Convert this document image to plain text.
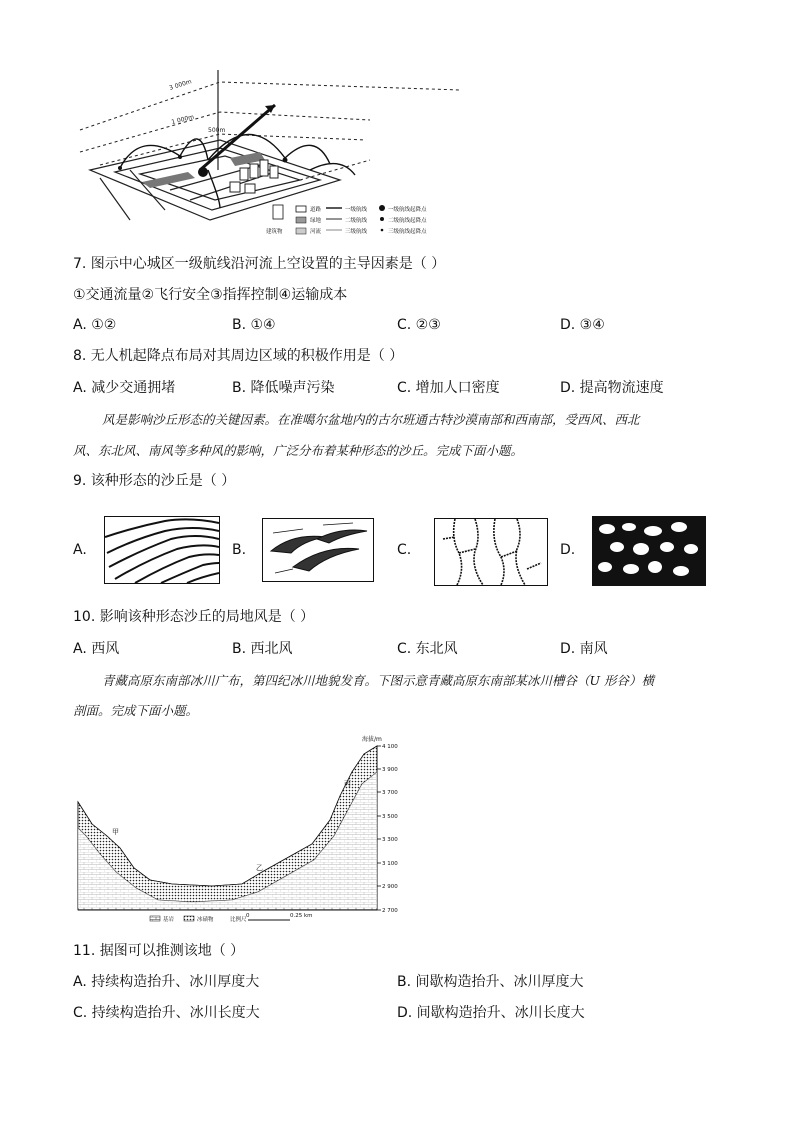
3 000m
1 000m
500m
道路
绿地
河流
建筑物
一级航线
二级航线
三级航线
一级航线起降点
二级航线起降点
三级航线起降点
7. 图示中心城区一级航线沿河流上空设置的主导因素是（ ）
①交通流量②飞行安全③指挥控制④运输成本
A. ①②	B. ①④	C. ②③	D. ③④
8. 无人机起降点布局对其周边区域的积极作用是（ ）
A. 减少交通拥堵	B. 降低噪声污染	C. 增加人口密度	D. 提高物流速度
风是影响沙丘形态的关键因素。在准噶尔盆地内的古尔班通古特沙漠南部和西南部，受西风、西北
风、东北风、南风等多种风的影响，广泛分布着某种形态的沙丘。完成下面小题。
9. 该种形态的沙丘是（ ）
A.	B.	C.	D.
10. 影响该种形态沙丘的局地风是（ ）
A. 西风	B. 西北风	C. 东北风	D. 南风
青藏高原东南部冰川广布，第四纪冰川地貌发育。下图示意青藏高原东南部某冰川槽谷（U 形谷）横
剖面。完成下面小题。
甲
乙
丙
海拔/m
4 100
3 900
3 700
3 500
3 300
3 100
2 900
2 700
基岩	冰碛物	比例尺
0	0.25 km
11. 据图可以推测该地（ ）
A. 持续构造抬升、冰川厚度大	B. 间歇构造抬升、冰川厚度大
C. 持续构造抬升、冰川长度大	D. 间歇构造抬升、冰川长度大
